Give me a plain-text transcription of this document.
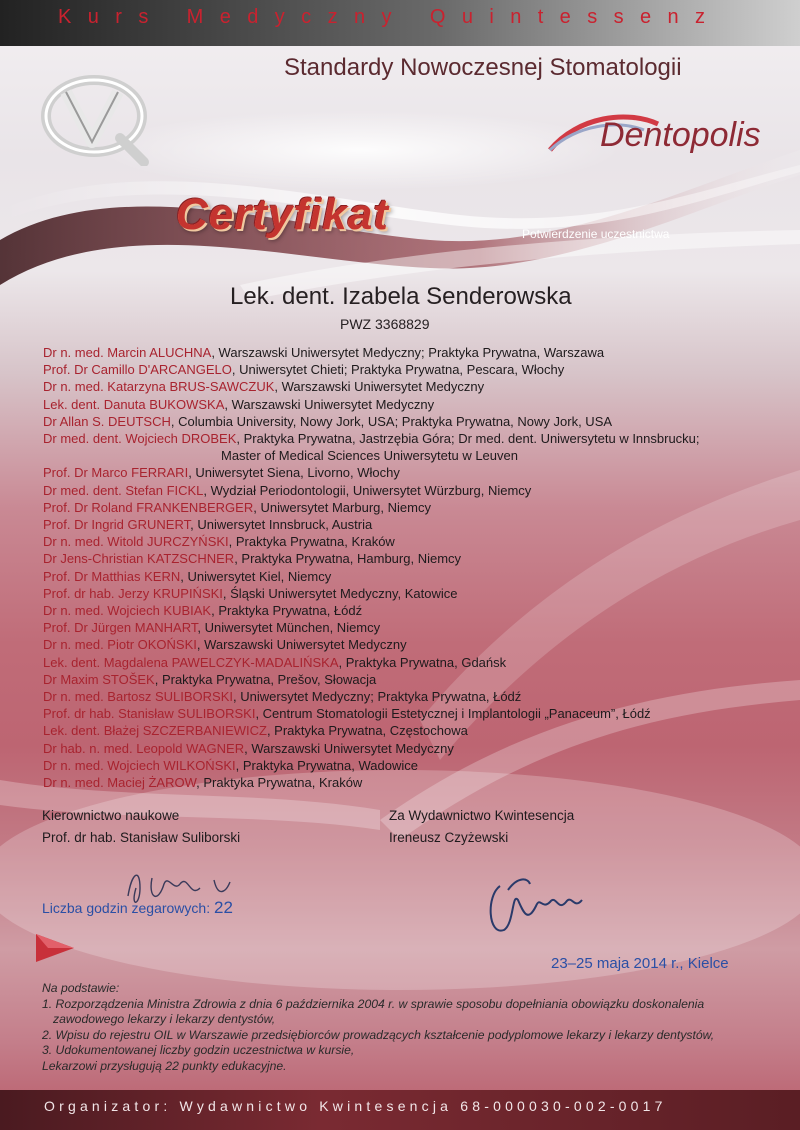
Kurs Medyczny Quintessenz
Standardy Nowoczesnej Stomatologii
Dentopolis
Certyfikat	Potwierdzenie uczestnictwa
Lek. dent. Izabela Senderowska
PWZ 3368829
Dr n. med. Marcin ALUCHNA, Warszawski Uniwersytet Medyczny; Praktyka Prywatna, Warszawa
Prof. Dr Camillo D'ARCANGELO, Uniwersytet Chieti; Praktyka Prywatna, Pescara, Włochy
Dr n. med. Katarzyna BRUS-SAWCZUK, Warszawski Uniwersytet Medyczny
Lek. dent. Danuta BUKOWSKA, Warszawski Uniwersytet Medyczny
Dr Allan S. DEUTSCH, Columbia University, Nowy Jork, USA; Praktyka Prywatna, Nowy Jork, USA
Dr med. dent. Wojciech DROBEK, Praktyka Prywatna, Jastrzębia Góra; Dr med. dent. Uniwersytetu w Innsbrucku;
Master of Medical Sciences Uniwersytetu w Leuven
Prof. Dr Marco FERRARI, Uniwersytet Siena, Livorno, Włochy
Dr med. dent. Stefan FICKL, Wydział Periodontologii, Uniwersytet Würzburg, Niemcy
Prof. Dr Roland FRANKENBERGER, Uniwersytet Marburg, Niemcy
Prof. Dr Ingrid GRUNERT, Uniwersytet Innsbruck, Austria
Dr n. med. Witold JURCZYŃSKI, Praktyka Prywatna, Kraków
Dr Jens-Christian KATZSCHNER, Praktyka Prywatna, Hamburg, Niemcy
Prof. Dr Matthias KERN, Uniwersytet Kiel, Niemcy
Prof. dr hab. Jerzy KRUPIŃSKI, Śląski Uniwersytet Medyczny, Katowice
Dr n. med. Wojciech KUBIAK, Praktyka Prywatna, Łódź
Prof. Dr Jürgen MANHART, Uniwersytet München, Niemcy
Dr n. med. Piotr OKOŃSKI, Warszawski Uniwersytet Medyczny
Lek. dent. Magdalena PAWELCZYK-MADALIŃSKA, Praktyka Prywatna, Gdańsk
Dr Maxim STOŠEK, Praktyka Prywatna, Prešov, Słowacja
Dr n. med. Bartosz SULIBORSKI, Uniwersytet Medyczny; Praktyka Prywatna, Łódź
Prof. dr hab. Stanisław SULIBORSKI, Centrum Stomatologii Estetycznej i Implantologii „Panaceum”, Łódź
Lek. dent. Błażej SZCZERBANIEWICZ, Praktyka Prywatna, Częstochowa
Dr hab. n. med. Leopold WAGNER, Warszawski Uniwersytet Medyczny
Dr n. med. Wojciech WILKOŃSKI, Praktyka Prywatna, Wadowice
Dr n. med. Maciej ŻAROW, Praktyka Prywatna, Kraków
Kierownictwo naukowe
Prof. dr hab. Stanisław Suliborski
Za Wydawnictwo Kwintesencja
Ireneusz Czyżewski
Liczba godzin zegarowych: 22
23–25 maja 2014 r., Kielce
Na podstawie:
1. Rozporządzenia Ministra Zdrowia z dnia 6 października 2004 r. w sprawie sposobu dopełniania obowiązku doskonalenia
zawodowego lekarzy i lekarzy dentystów,
2. Wpisu do rejestru OIL w Warszawie przedsiębiorców prowadzących kształcenie podyplomowe lekarzy i lekarzy dentystów,
3. Udokumentowanej liczby godzin uczestnictwa w kursie,
Lekarzowi przysługują 22 punkty edukacyjne.
Organizator: Wydawnictwo Kwintesencja 68-000030-002-0017
